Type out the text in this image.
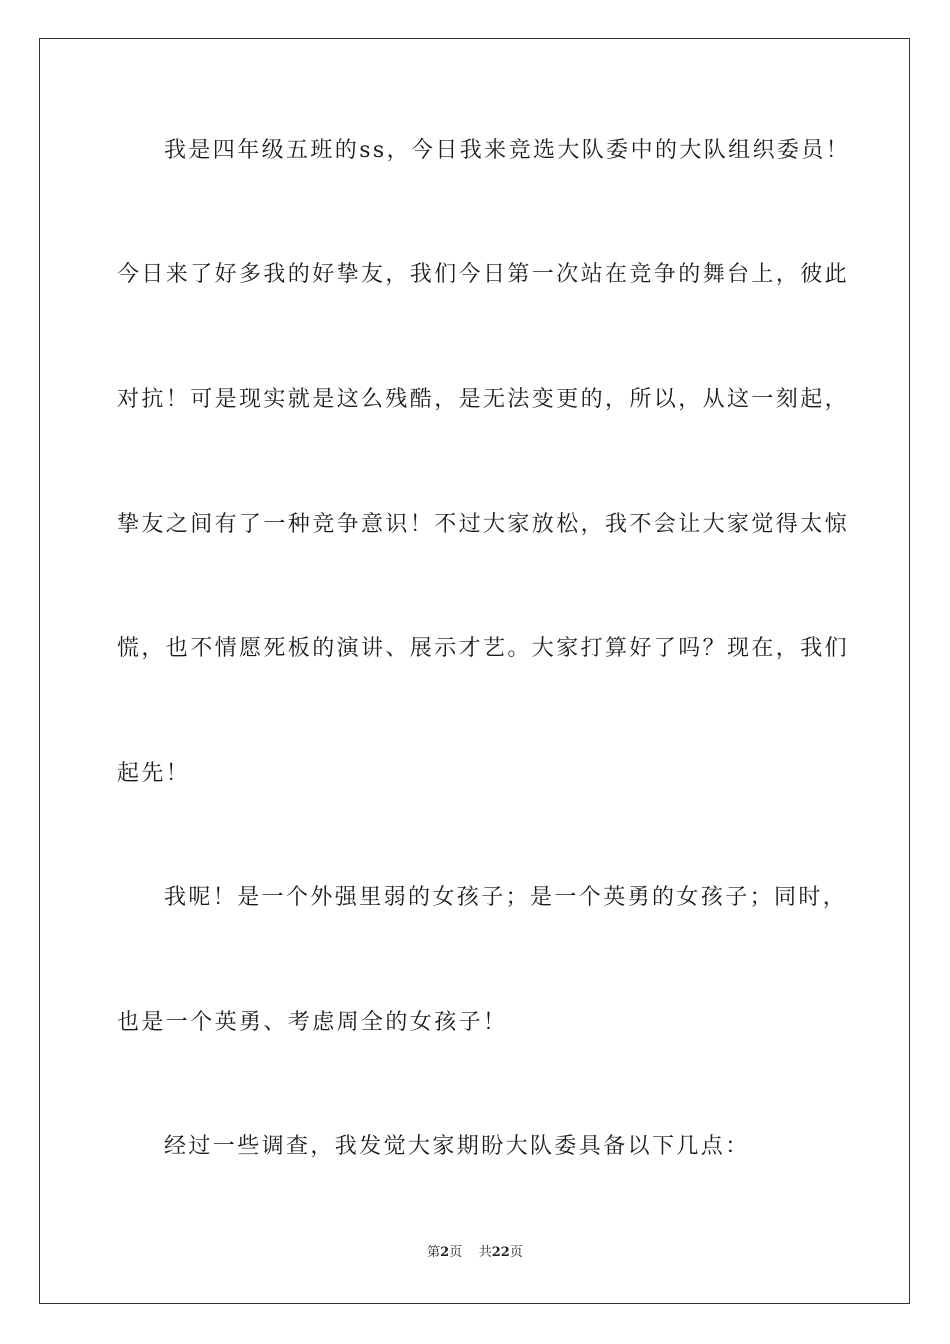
我是四年级五班的ss，今日我来竞选大队委中的大队组织委员！
今日来了好多我的好挚友，我们今日第一次站在竞争的舞台上，彼此
对抗！可是现实就是这么残酷，是无法变更的，所以，从这一刻起，
挚友之间有了一种竞争意识！不过大家放松，我不会让大家觉得太惊
慌，也不情愿死板的演讲、展示才艺。大家打算好了吗？现在，我们
起先！
我呢！是一个外强里弱的女孩子；是一个英勇的女孩子；同时，
也是一个英勇、考虑周全的女孩子！
经过一些调查，我发觉大家期盼大队委具备以下几点：
第2页 共22页
